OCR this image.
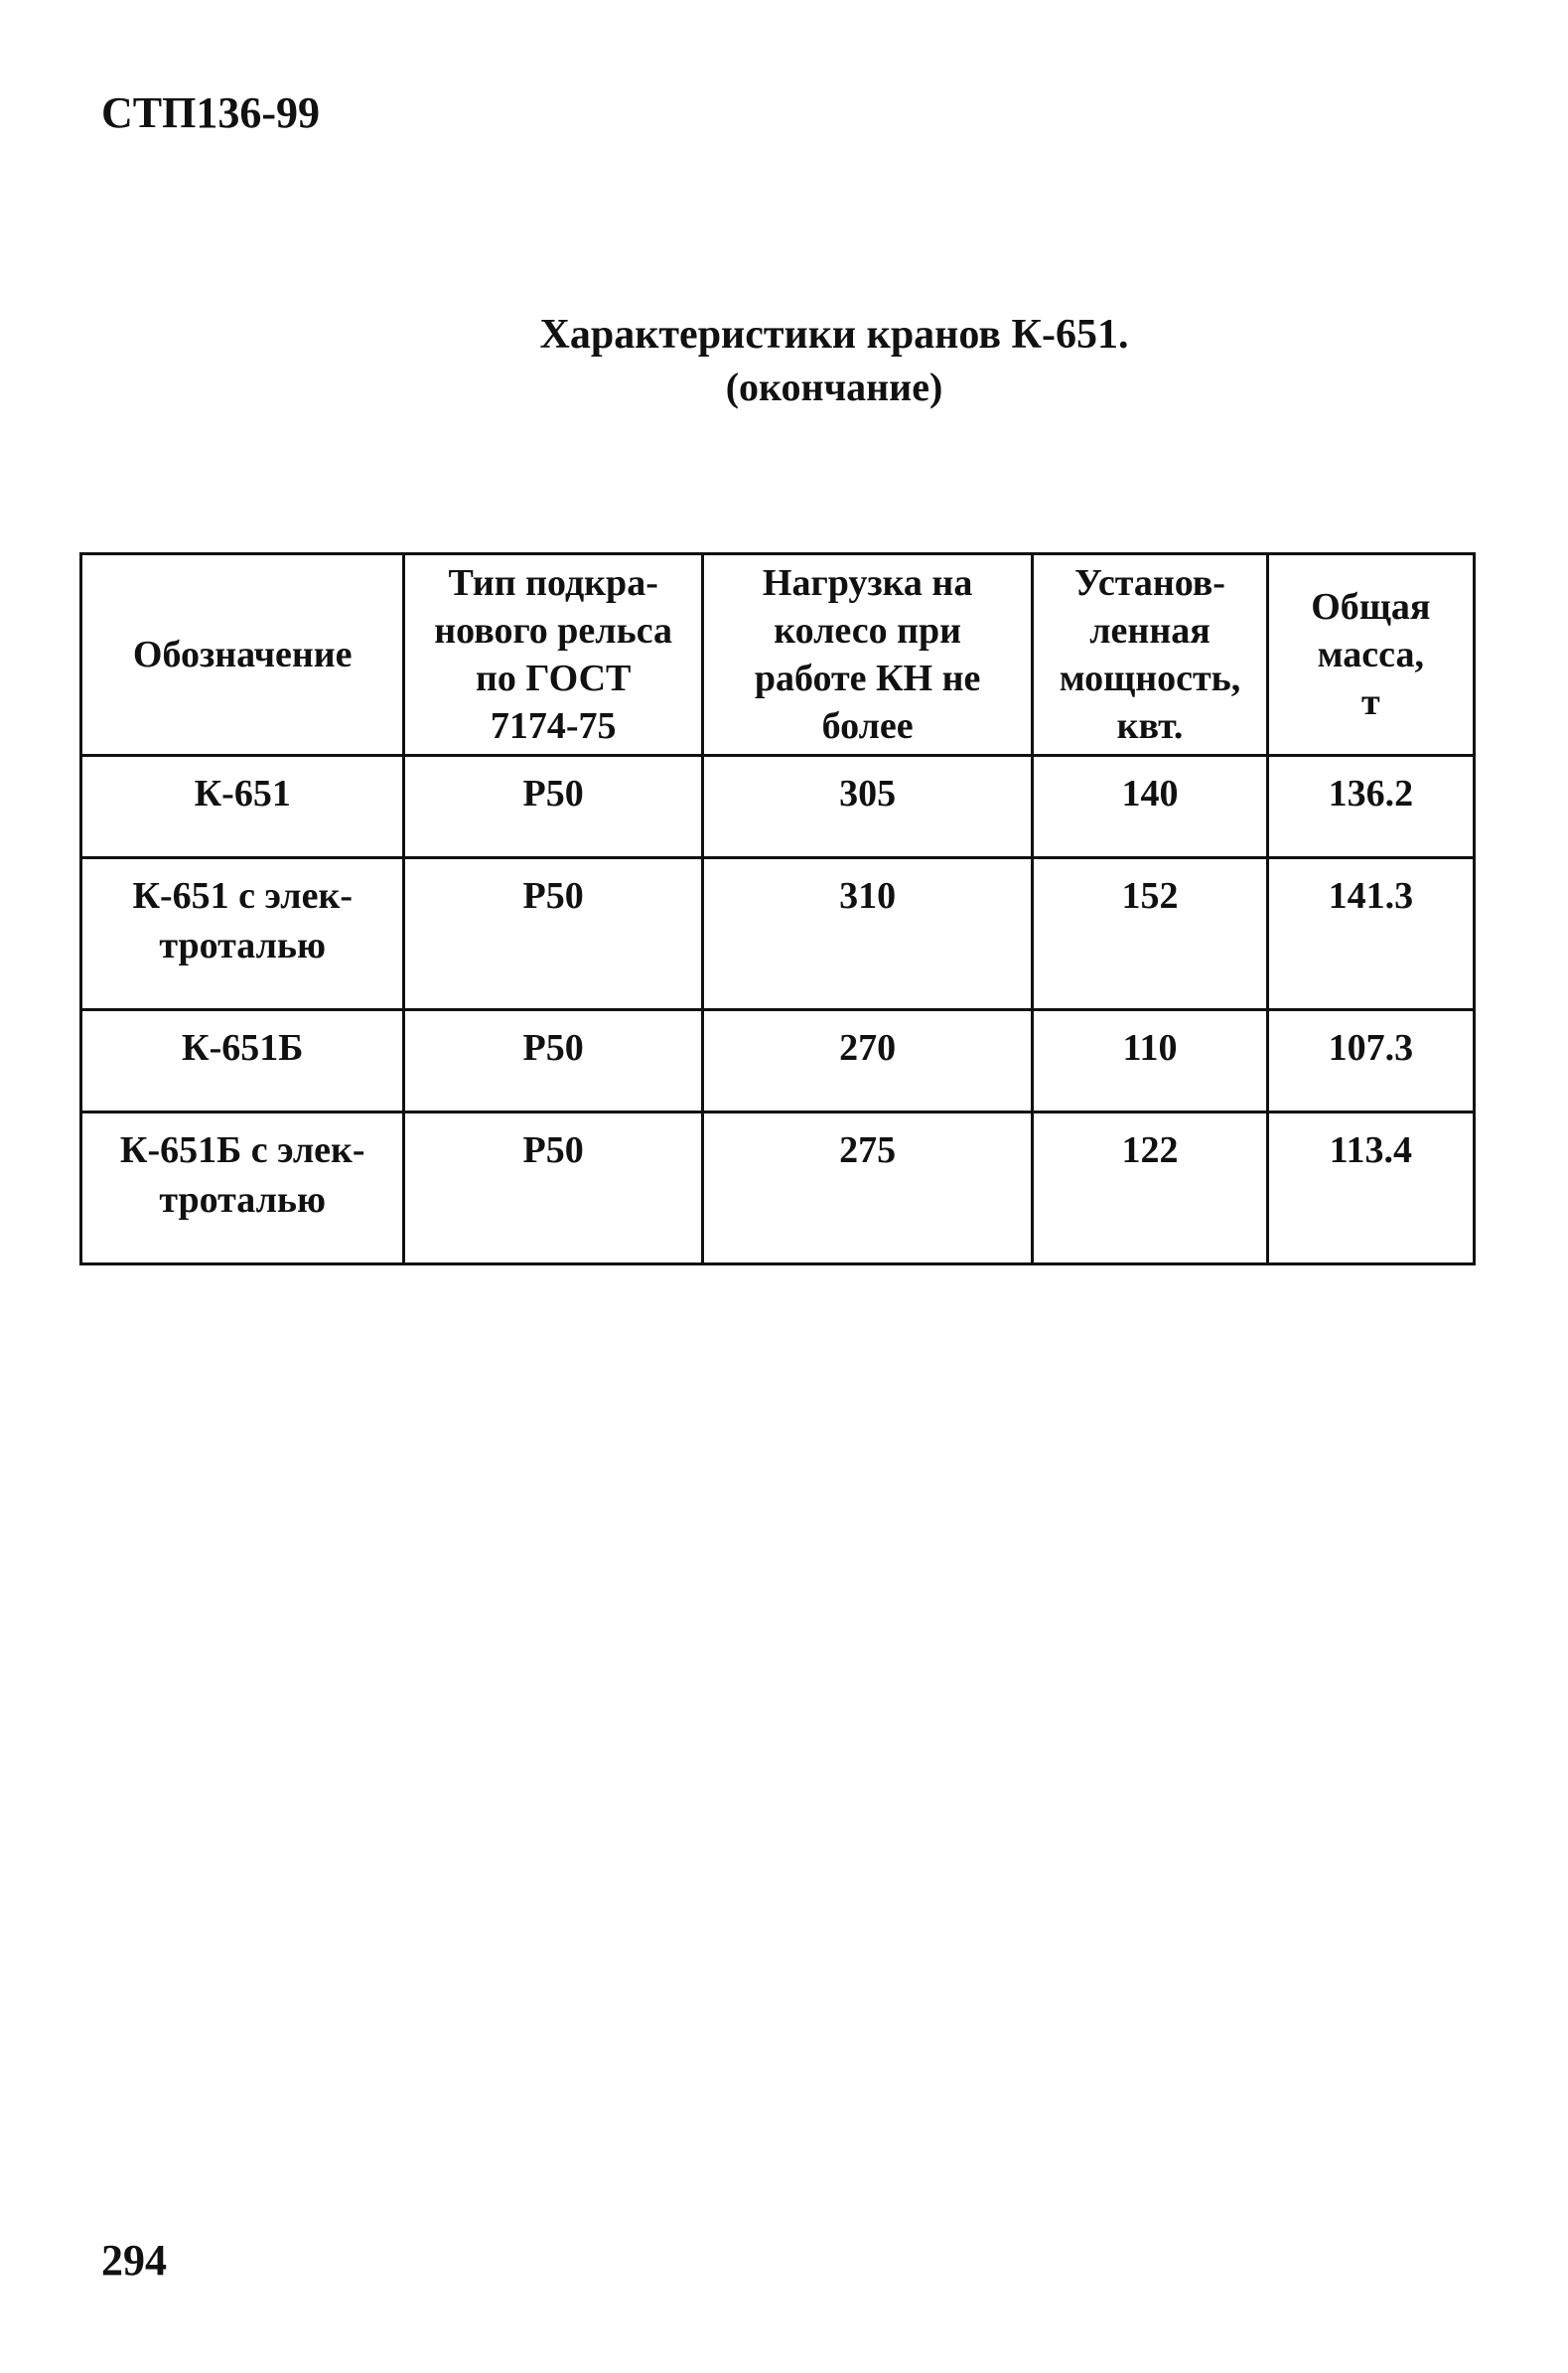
СТП136-99
Характеристики кранов К-651.
(окончание)
Обозначение	Тип подкра-
нового рельса
по ГОСТ
7174-75	Нагрузка на
колесо при
работе КН не
более	Установ-
ленная
мощность,
квт.	Общая
масса,
т
К-651	Р50	305	140	136.2
К-651 с элек-
троталью	Р50	310	152	141.3
К-651Б	Р50	270	110	107.3
К-651Б с элек-
троталью	Р50	275	122	113.4
294
